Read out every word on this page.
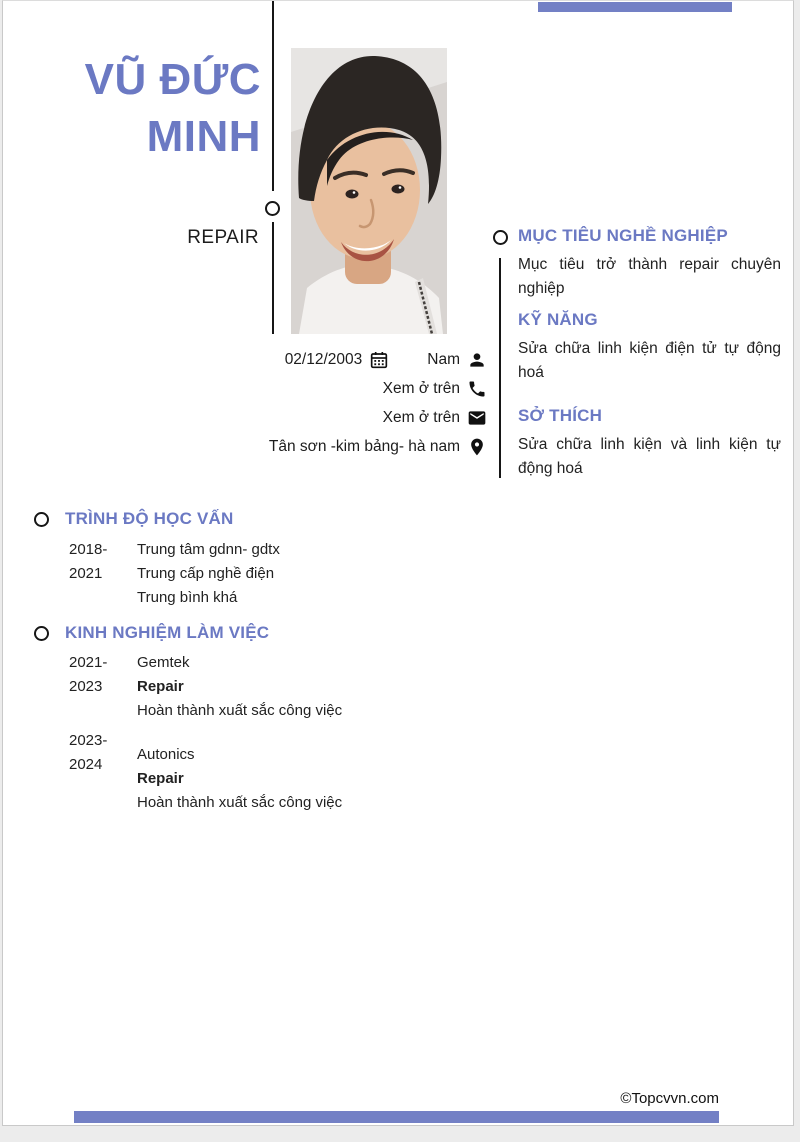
VŨ ĐỨC
MINH
REPAIR
02/12/2003	Nam
Xem ở trên
Xem ở trên
Tân sơn -kim bảng- hà nam
MỤC TIÊU NGHỀ NGHIỆP

Mục tiêu trở thành repair chuyên nghiệp

KỸ NĂNG

Sửa chữa linh kiện điện tử tự động hoá

SỞ THÍCH

Sửa chữa linh kiện và linh kiện tự động hoá

TRÌNH ĐỘ HỌC VẤN
2018-
2021
Trung tâm gdnn- gdtx
Trung cấp nghề điện
Trung bình khá
KINH NGHIỆM LÀM VIỆC
2021-
2023
Gemtek
Repair
Hoàn thành xuất sắc công việc
2023-
2024
Autonics
Repair
Hoàn thành xuất sắc công việc
©Topcvvn.com
